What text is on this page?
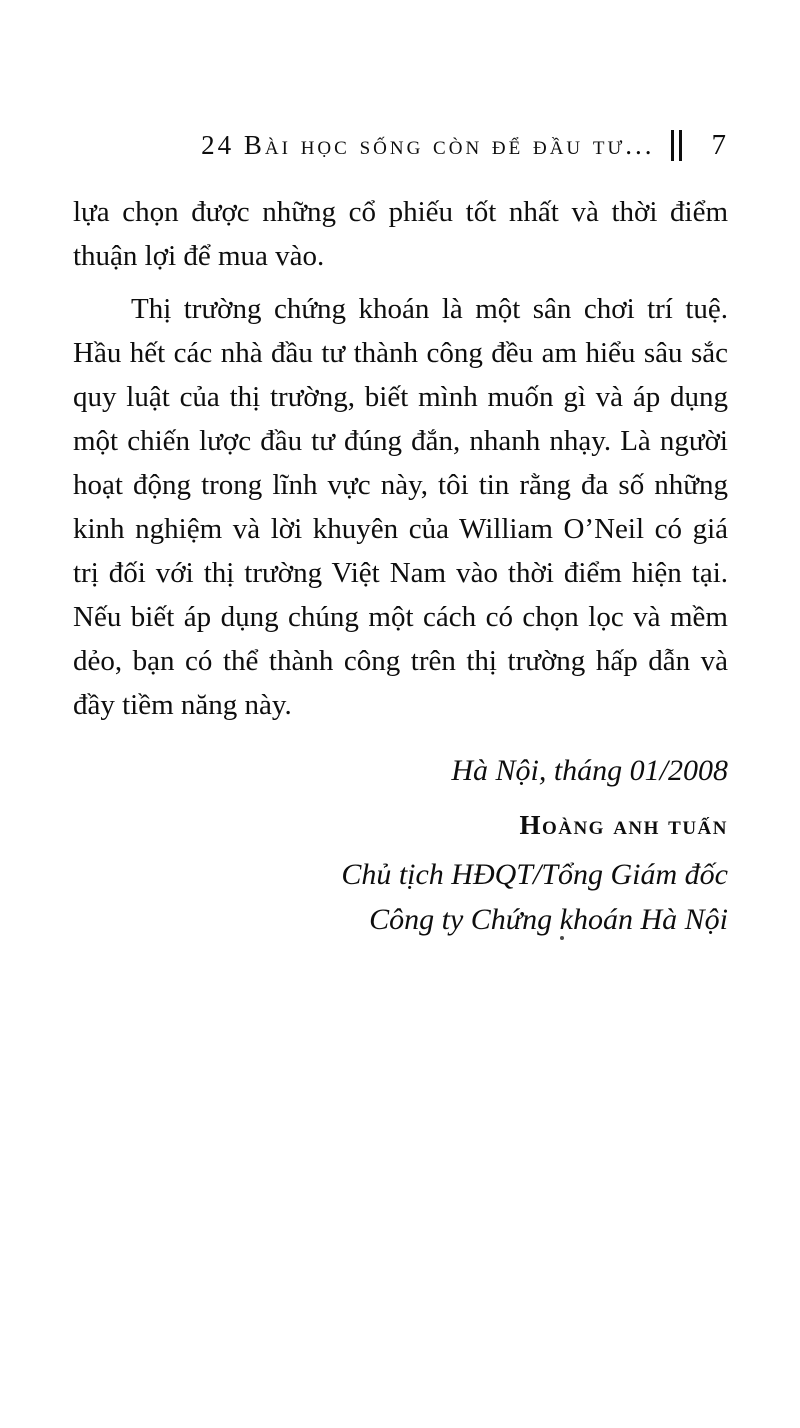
24 Bài học sống còn để đầu tư... 7
lựa chọn được những cổ phiếu tốt nhất và thời điểm
thuận lợi để mua vào.
Thị trường chứng khoán là một sân chơi trí tuệ.
Hầu hết các nhà đầu tư thành công đều am hiểu sâu sắc
quy luật của thị trường, biết mình muốn gì và áp dụng
một chiến lược đầu tư đúng đắn, nhanh nhạy. Là người
hoạt động trong lĩnh vực này, tôi tin rằng đa số những
kinh nghiệm và lời khuyên của William O’Neil có giá
trị đối với thị trường Việt Nam vào thời điểm hiện tại.
Nếu biết áp dụng chúng một cách có chọn lọc và mềm
dẻo, bạn có thể thành công trên thị trường hấp dẫn và
đầy tiềm năng này.
Hà Nội, tháng 01/2008
Hoàng anh tuấn
Chủ tịch HĐQT/Tổng Giám đốc
Công ty Chứng khoán Hà Nội
